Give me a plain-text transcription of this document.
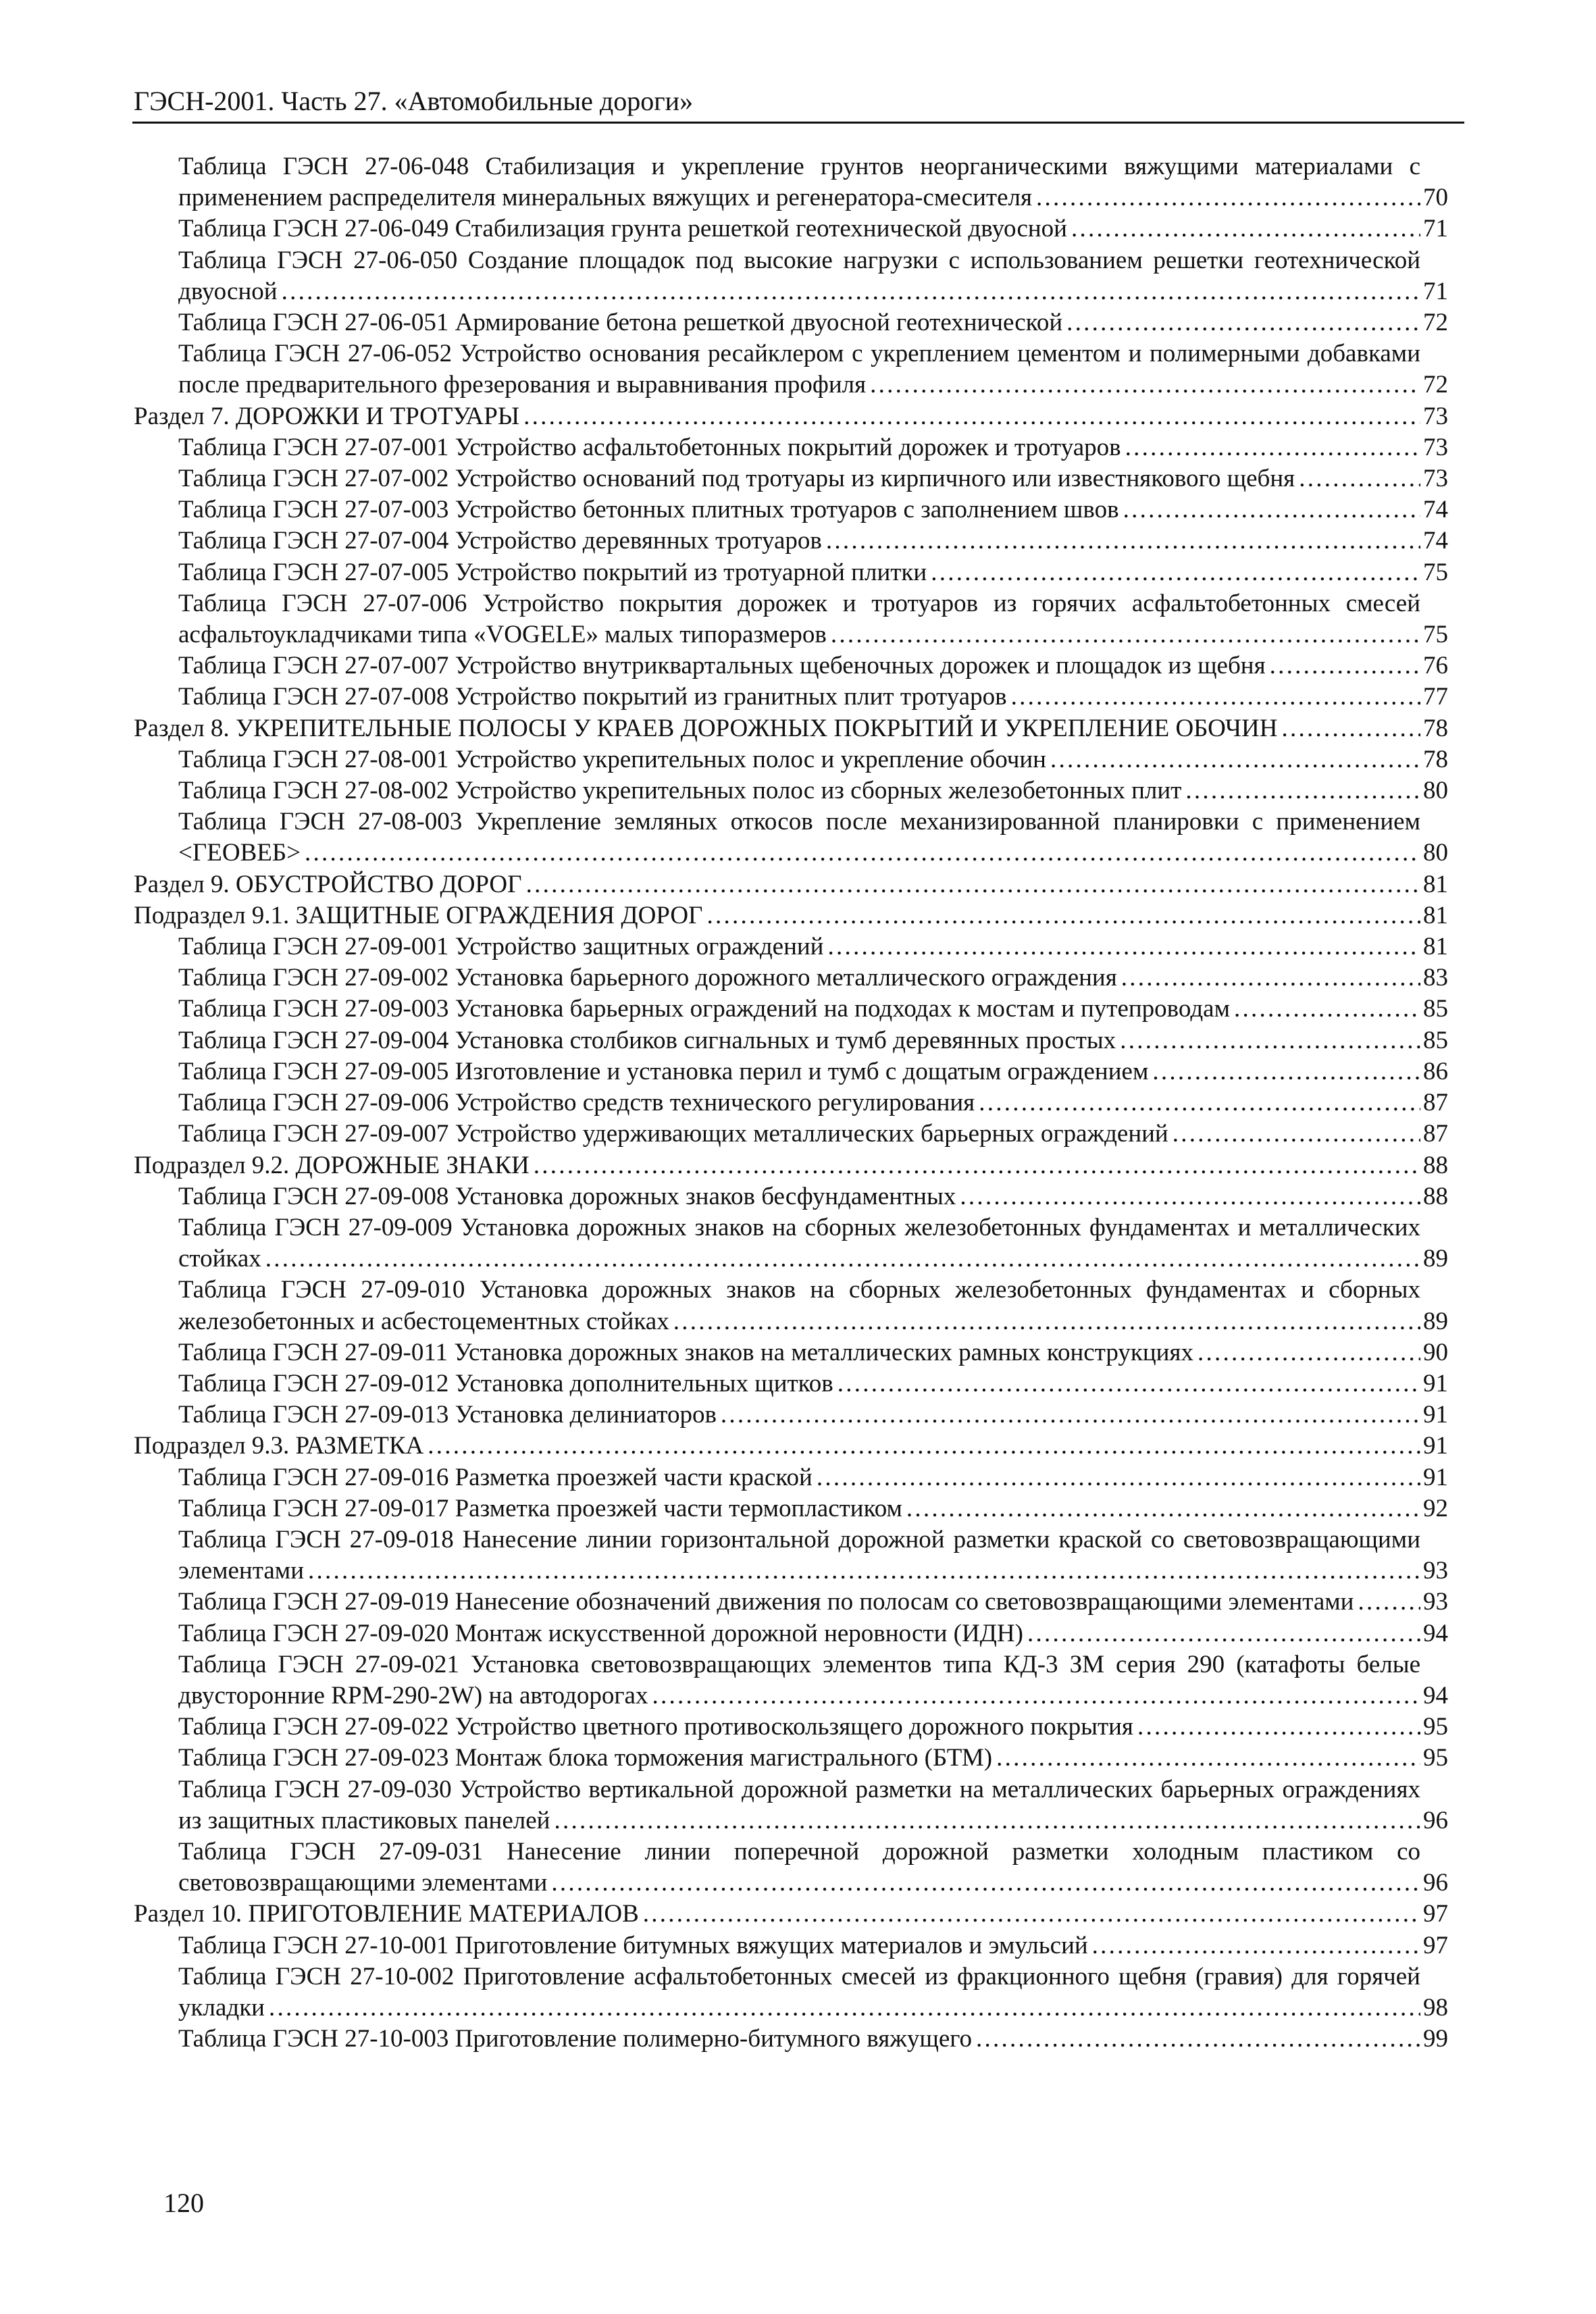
ГЭСН-2001. Часть 27. «Автомобильные дороги»
Таблица ГЭСН 27-06-048 Стабилизация и укрепление грунтов неорганическими вяжущими материалами с применением распределителя минеральных вяжущих и регенератора-смесителя . . .	70
Таблица ГЭСН 27-06-049 Стабилизация грунта решеткой геотехнической двуосной . . .	71
Таблица ГЭСН 27-06-050 Создание площадок под высокие нагрузки с использованием решетки геотехнической двуосной . . .	71
Таблица ГЭСН 27-06-051 Армирование бетона решеткой двуосной геотехнической . . .	72
Таблица ГЭСН 27-06-052 Устройство основания ресайклером с укреплением цементом и полимерными добавками после предварительного фрезерования и выравнивания профиля . . .	72
Раздел 7. ДОРОЖКИ И ТРОТУАРЫ . . .	73
Таблица ГЭСН 27-07-001 Устройство асфальтобетонных покрытий дорожек и тротуаров . . .	73
Таблица ГЭСН 27-07-002 Устройство оснований под тротуары из кирпичного или известнякового щебня . . .	73
Таблица ГЭСН 27-07-003 Устройство бетонных плитных тротуаров с заполнением швов . . .	74
Таблица ГЭСН 27-07-004 Устройство деревянных тротуаров . . .	74
Таблица ГЭСН 27-07-005 Устройство покрытий из тротуарной плитки . . .	75
Таблица ГЭСН 27-07-006 Устройство покрытия дорожек и тротуаров из горячих асфальтобетонных смесей асфальтоукладчиками типа «VOGELE» малых типоразмеров . . .	75
Таблица ГЭСН 27-07-007 Устройство внутриквартальных щебеночных дорожек и площадок из щебня . . .	76
Таблица ГЭСН 27-07-008 Устройство покрытий из гранитных плит тротуаров . . .	77
Раздел 8. УКРЕПИТЕЛЬНЫЕ ПОЛОСЫ У КРАЕВ ДОРОЖНЫХ ПОКРЫТИЙ И УКРЕПЛЕНИЕ ОБОЧИН . . .	78
Таблица ГЭСН 27-08-001 Устройство укрепительных полос и укрепление обочин . . .	78
Таблица ГЭСН 27-08-002 Устройство укрепительных полос из сборных железобетонных плит . . .	80
Таблица ГЭСН 27-08-003 Укрепление земляных откосов после механизированной планировки с применением <ГЕОВЕБ> . . .	80
Раздел 9. ОБУСТРОЙСТВО ДОРОГ . . .	81
Подраздел 9.1. ЗАЩИТНЫЕ ОГРАЖДЕНИЯ ДОРОГ . . .	81
Таблица ГЭСН 27-09-001 Устройство защитных ограждений . . .	81
Таблица ГЭСН 27-09-002 Установка барьерного дорожного металлического ограждения . . .	83
Таблица ГЭСН 27-09-003 Установка барьерных ограждений на подходах к мостам и путепроводам . . .	85
Таблица ГЭСН 27-09-004 Установка столбиков сигнальных и тумб деревянных простых . . .	85
Таблица ГЭСН 27-09-005 Изготовление и установка перил и тумб с дощатым ограждением . . .	86
Таблица ГЭСН 27-09-006 Устройство средств технического регулирования . . .	87
Таблица ГЭСН 27-09-007 Устройство удерживающих металлических барьерных ограждений . . .	87
Подраздел 9.2. ДОРОЖНЫЕ ЗНАКИ . . .	88
Таблица ГЭСН 27-09-008 Установка дорожных знаков бесфундаментных . . .	88
Таблица ГЭСН 27-09-009 Установка дорожных знаков на сборных железобетонных фундаментах и металлических стойках . . .	89
Таблица ГЭСН 27-09-010 Установка дорожных знаков на сборных железобетонных фундаментах и сборных железобетонных и асбестоцементных стойках . . .	89
Таблица ГЭСН 27-09-011 Установка дорожных знаков на металлических рамных конструкциях . . .	90
Таблица ГЭСН 27-09-012 Установка дополнительных щитков . . .	91
Таблица ГЭСН 27-09-013 Установка делиниаторов . . .	91
Подраздел 9.3. РАЗМЕТКА . . .	91
Таблица ГЭСН 27-09-016 Разметка проезжей части краской . . .	91
Таблица ГЭСН 27-09-017 Разметка проезжей части термопластиком . . .	92
Таблица ГЭСН 27-09-018 Нанесение линии горизонтальной дорожной разметки краской со световозвращающими элементами . . .	93
Таблица ГЭСН 27-09-019 Нанесение обозначений движения по полосам со световозвращающими элементами . . .	93
Таблица ГЭСН 27-09-020 Монтаж искусственной дорожной неровности (ИДН) . . .	94
Таблица ГЭСН 27-09-021 Установка световозвращающих элементов типа КД-3 ЗМ серия 290 (катафоты белые двусторонние RPM-290-2W) на автодорогах . . .	94
Таблица ГЭСН 27-09-022 Устройство цветного противоскользящего дорожного покрытия . . .	95
Таблица ГЭСН 27-09-023 Монтаж блока торможения магистрального (БТМ) . . .	95
Таблица ГЭСН 27-09-030 Устройство вертикальной дорожной разметки на металлических барьерных ограждениях из защитных пластиковых панелей . . .	96
Таблица ГЭСН 27-09-031 Нанесение линии поперечной дорожной разметки холодным пластиком со световозвращающими элементами . . .	96
Раздел 10. ПРИГОТОВЛЕНИЕ МАТЕРИАЛОВ . . .	97
Таблица ГЭСН 27-10-001 Приготовление битумных вяжущих материалов и эмульсий . . .	97
Таблица ГЭСН 27-10-002 Приготовление асфальтобетонных смесей из фракционного щебня (гравия) для горячей укладки . . .	98
Таблица ГЭСН 27-10-003 Приготовление полимерно-битумного вяжущего . . .	99
120
